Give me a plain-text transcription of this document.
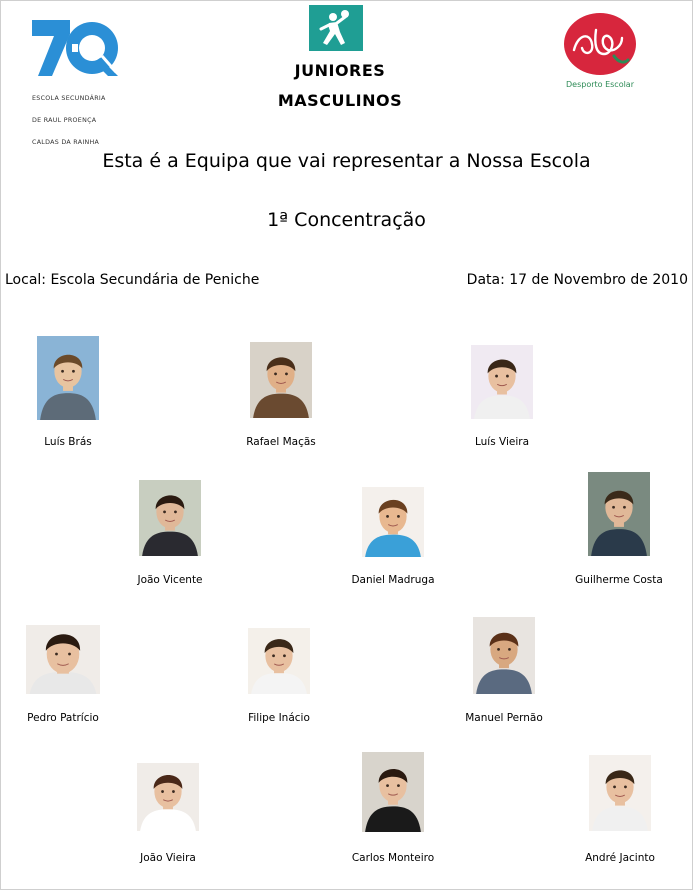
ESCOLA SECUNDÁRIA

DE RAUL PROENÇA

CALDAS DA RAINHA

JUNIORES
MASCULINOS
Desporto Escolar
Esta é a Equipa que vai representar a Nossa Escola
1ª Concentração
Local: Escola Secundária de Peniche	Data: 17 de Novembro de 2010
Luís Brás	Rafael Maçãs	Luís Vieira
João Vicente	Daniel Madruga	Guilherme Costa
Pedro Patrício	Filipe Inácio	Manuel Pernão
João Vieira	Carlos Monteiro	André Jacinto
